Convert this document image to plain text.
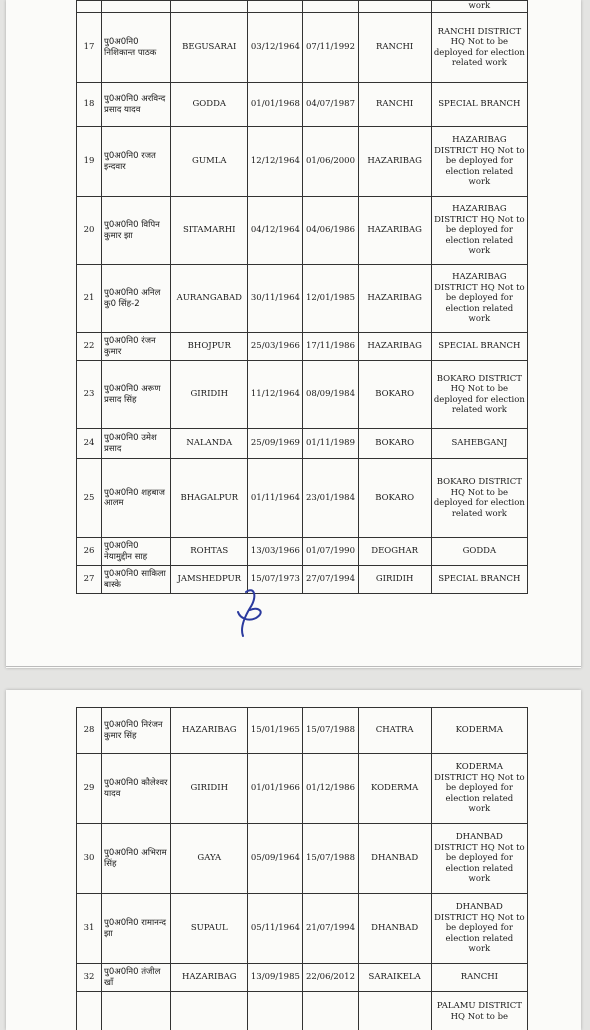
						work
17	पु0अ0नि0 निशिकान्त पाठक	BEGUSARAI	03/12/1964	07/11/1992	RANCHI	RANCHI DISTRICT HQ Not to be deployed for election related work
18	पु0अ0नि0 अरविन्द प्रसाद यादव	GODDA	01/01/1968	04/07/1987	RANCHI	SPECIAL BRANCH
19	पु0अ0नि0 रजत इन्दवार	GUMLA	12/12/1964	01/06/2000	HAZARIBAG	HAZARIBAG DISTRICT HQ Not to be deployed for election related work
20	पु0अ0नि0 विपिन कुमार झा	SITAMARHI	04/12/1964	04/06/1986	HAZARIBAG	HAZARIBAG DISTRICT HQ Not to be deployed for election related work
21	पु0अ0नि0 अनिल कु0 सिंह-2	AURANGABAD	30/11/1964	12/01/1985	HAZARIBAG	HAZARIBAG DISTRICT HQ Not to be deployed for election related work
22	पु0अ0नि0 रंजन कुमार	BHOJPUR	25/03/1966	17/11/1986	HAZARIBAG	SPECIAL BRANCH
23	पु0अ0नि0 अरूण प्रसाद सिंह	GIRIDIH	11/12/1964	08/09/1984	BOKARO	BOKARO DISTRICT HQ Not to be deployed for election related work
24	पु0अ0नि0 उमेश प्रसाद	NALANDA	25/09/1969	01/11/1989	BOKARO	SAHEBGANJ
25	पु0अ0नि0 शहबाज आलम	BHAGALPUR	01/11/1964	23/01/1984	BOKARO	BOKARO DISTRICT HQ Not to be deployed for election related work
26	पु0अ0नि0 नेयामुद्दीन साह	ROHTAS	13/03/1966	01/07/1990	DEOGHAR	GODDA
27	पु0अ0नि0 साकिला बास्के	JAMSHEDPUR	15/07/1973	27/07/1994	GIRIDIH	SPECIAL BRANCH
28	पु0अ0नि0 निरंजन कुमार सिंह	HAZARIBAG	15/01/1965	15/07/1988	CHATRA	KODERMA
29	पु0अ0नि0 कौलेश्वर यादव	GIRIDIH	01/01/1966	01/12/1986	KODERMA	KODERMA DISTRICT HQ Not to be deployed for election related work
30	पु0अ0नि0 अभिराम सिंह	GAYA	05/09/1964	15/07/1988	DHANBAD	DHANBAD DISTRICT HQ Not to be deployed for election related work
31	पु0अ0नि0 रामानन्द झा	SUPAUL	05/11/1964	21/07/1994	DHANBAD	DHANBAD DISTRICT HQ Not to be deployed for election related work
32	पु0अ0नि0 तंजील खाँ	HAZARIBAG	13/09/1985	22/06/2012	SARAIKELA	RANCHI
						PALAMU DISTRICT HQ Not to be
